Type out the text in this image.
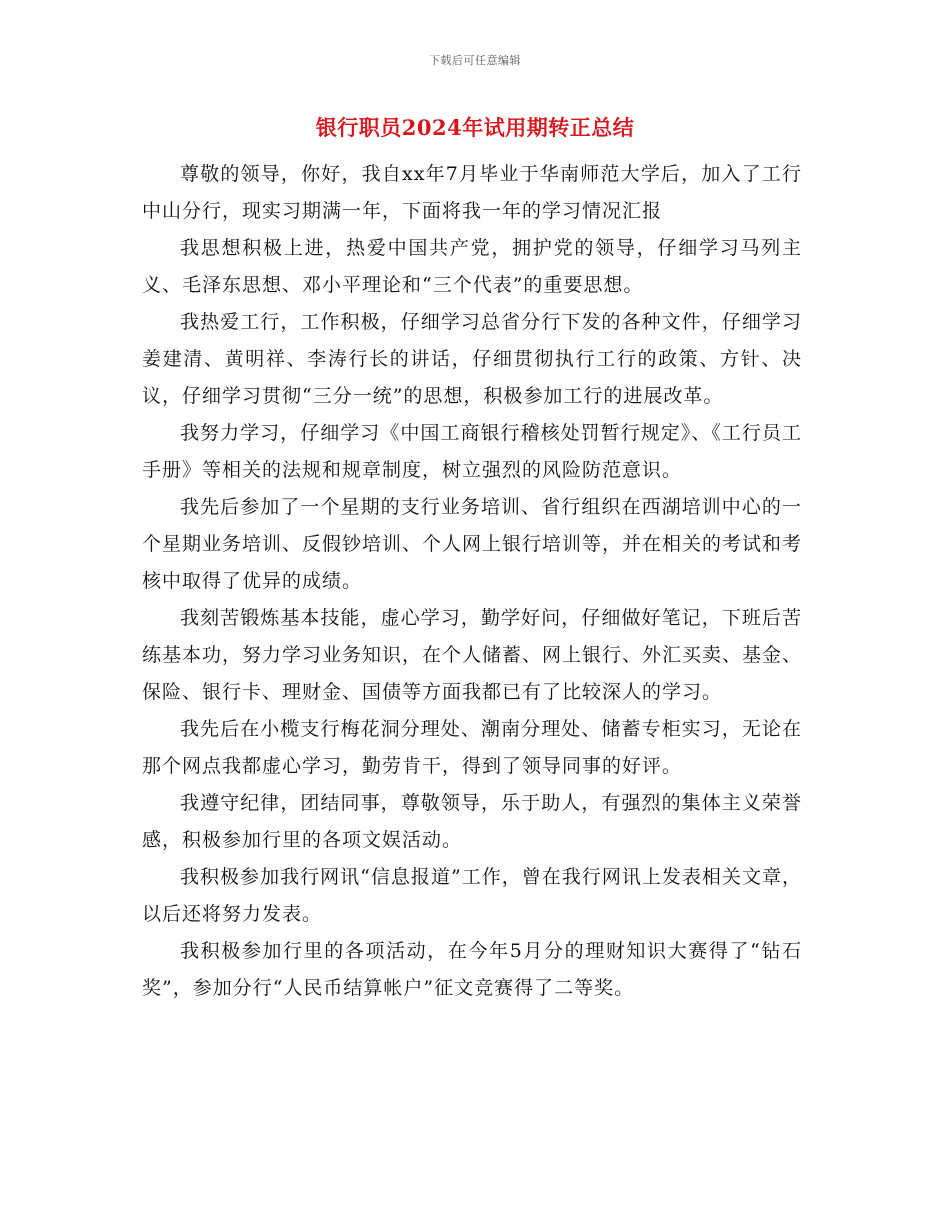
下载后可任意编辑
银行职员2024年试用期转正总结

尊敬的领导，你好，我自xx年7月毕业于华南师范大学后，加入了工行中山分行，现实习期满一年，下面将我一年的学习情况汇报

我思想积极上进，热爱中国共产党，拥护党的领导，仔细学习马列主义、毛泽东思想、邓小平理论和“三个代表”的重要思想。

我热爱工行，工作积极，仔细学习总省分行下发的各种文件，仔细学习姜建清、黄明祥、李涛行长的讲话，仔细贯彻执行工行的政策、方针、决议，仔细学习贯彻“三分一统”的思想，积极参加工行的进展改革。

我努力学习，仔细学习《中国工商银行稽核处罚暂行规定》、《工行员工手册》等相关的法规和规章制度，树立强烈的风险防范意识。

我先后参加了一个星期的支行业务培训、省行组织在西湖培训中心的一个星期业务培训、反假钞培训、个人网上银行培训等，并在相关的考试和考核中取得了优异的成绩。

我刻苦锻炼基本技能，虚心学习，勤学好问，仔细做好笔记，下班后苦练基本功，努力学习业务知识，在个人储蓄、网上银行、外汇买卖、基金、保险、银行卡、理财金、国债等方面我都已有了比较深人的学习。

我先后在小榄支行梅花洞分理处、潮南分理处、储蓄专柜实习，无论在那个网点我都虚心学习，勤劳肯干，得到了领导同事的好评。

我遵守纪律，团结同事，尊敬领导，乐于助人，有强烈的集体主义荣誉感，积极参加行里的各项文娱活动。

我积极参加我行网讯“信息报道”工作，曾在我行网讯上发表相关文章，以后还将努力发表。

我积极参加行里的各项活动，在今年5月分的理财知识大赛得了“钻石奖”，参加分行“人民币结算帐户”征文竞赛得了二等奖。
